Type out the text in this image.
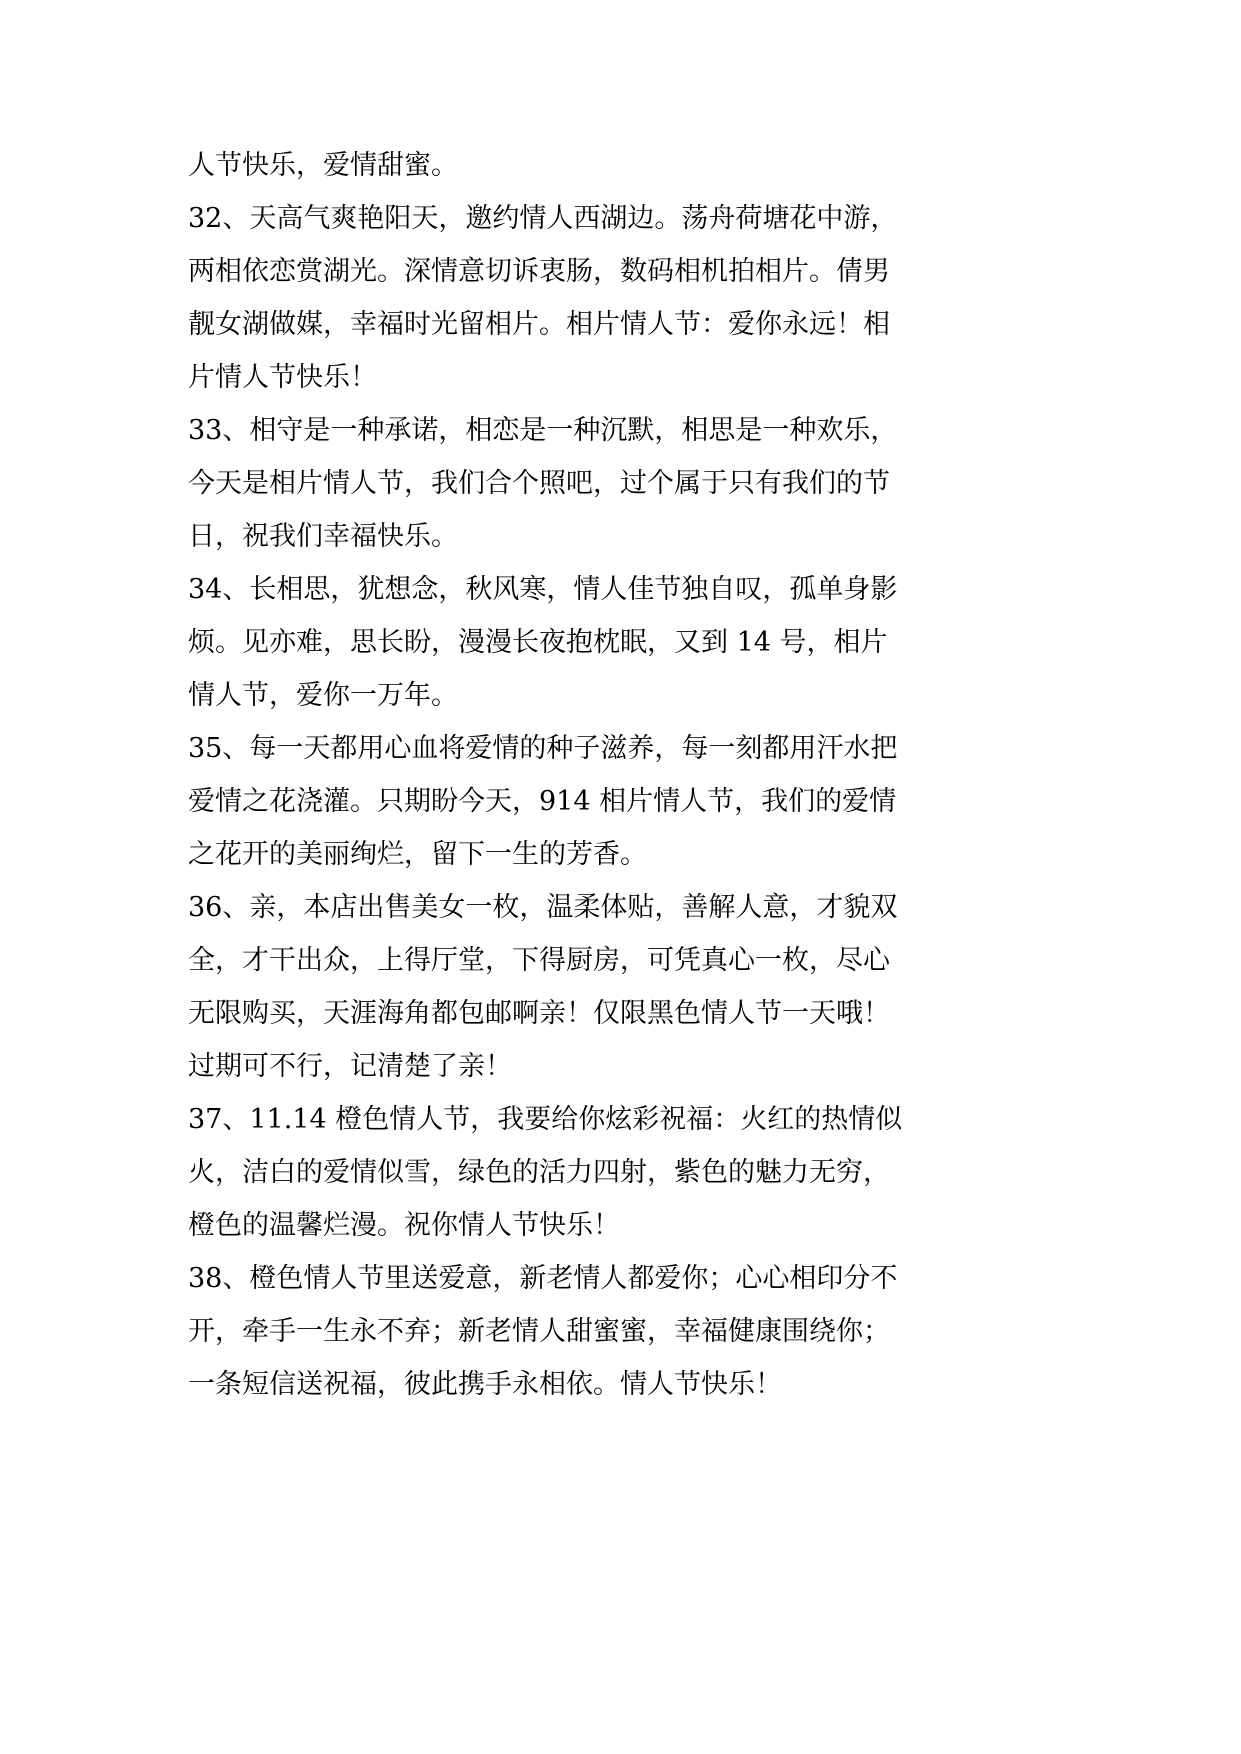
人节快乐，爱情甜蜜。
32、天高气爽艳阳天，邀约情人西湖边。荡舟荷塘花中游，
两相依恋赏湖光。深情意切诉衷肠，数码相机拍相片。倩男
靓女湖做媒，幸福时光留相片。相片情人节：爱你永远！相
片情人节快乐！
33、相守是一种承诺，相恋是一种沉默，相思是一种欢乐，
今天是相片情人节，我们合个照吧，过个属于只有我们的节
日，祝我们幸福快乐。
34、长相思，犹想念，秋风寒，情人佳节独自叹，孤单身影
烦。见亦难，思长盼，漫漫长夜抱枕眠，又到 14 号，相片
情人节，爱你一万年。
35、每一天都用心血将爱情的种子滋养，每一刻都用汗水把
爱情之花浇灌。只期盼今天，914 相片情人节，我们的爱情
之花开的美丽绚烂，留下一生的芳香。
36、亲，本店出售美女一枚，温柔体贴，善解人意，才貌双
全，才干出众，上得厅堂，下得厨房，可凭真心一枚，尽心
无限购买，天涯海角都包邮啊亲！仅限黑色情人节一天哦！
过期可不行，记清楚了亲！
37、11.14 橙色情人节，我要给你炫彩祝福：火红的热情似
火，洁白的爱情似雪，绿色的活力四射，紫色的魅力无穷，
橙色的温馨烂漫。祝你情人节快乐！
38、橙色情人节里送爱意，新老情人都爱你；心心相印分不
开，牵手一生永不弃；新老情人甜蜜蜜，幸福健康围绕你；
一条短信送祝福，彼此携手永相依。情人节快乐！
